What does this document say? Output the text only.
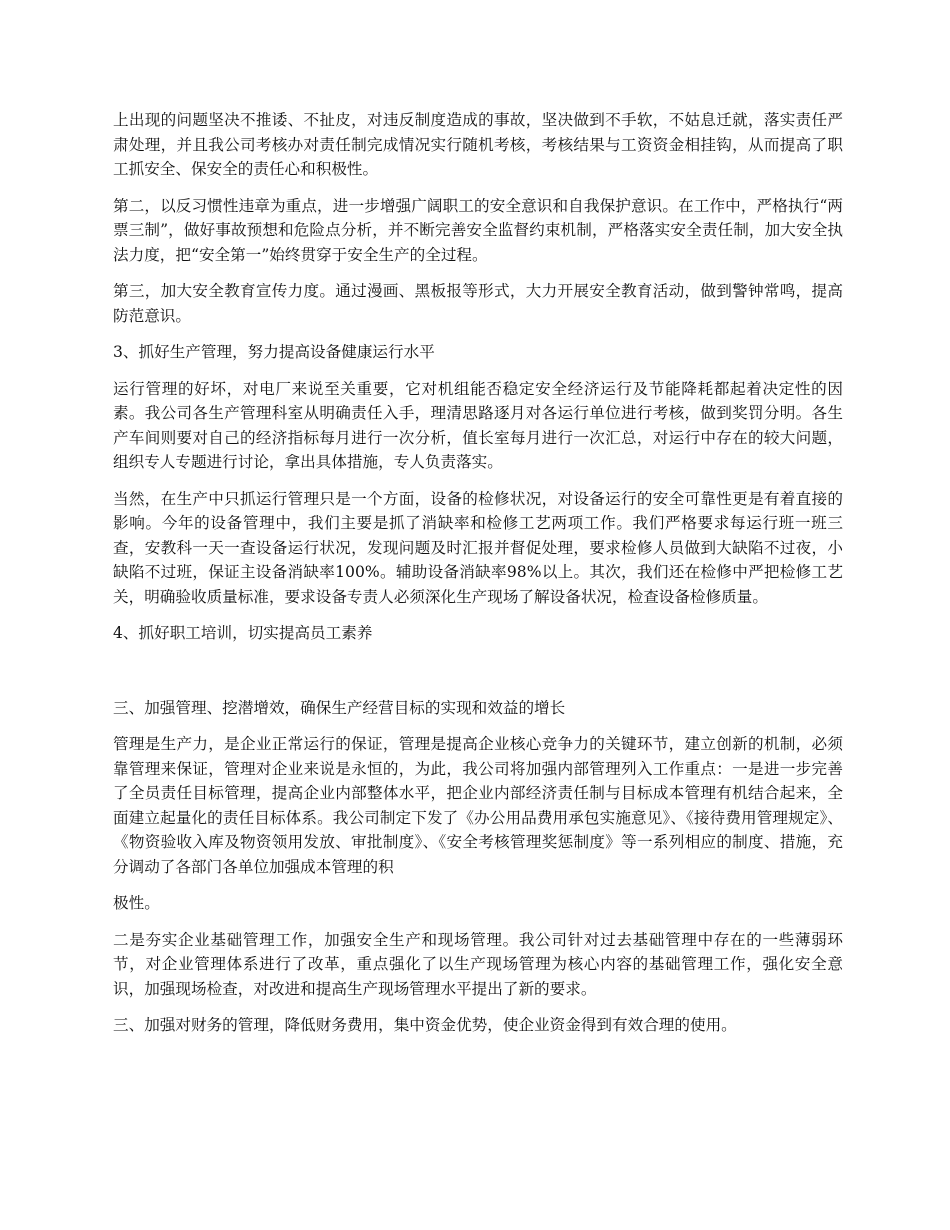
上出现的问题坚决不推诿、不扯皮，对违反制度造成的事故，坚决做到不手软，不姑息迁就，落实责任严肃处理，并且我公司考核办对责任制完成情况实行随机考核，考核结果与工资资金相挂钩，从而提高了职工抓安全、保安全的责任心和积极性。

第二，以反习惯性违章为重点，进一步增强广阔职工的安全意识和自我保护意识。在工作中，严格执行“两票三制”，做好事故预想和危险点分析，并不断完善安全监督约束机制，严格落实安全责任制，加大安全执法力度，把“安全第一”始终贯穿于安全生产的全过程。

第三，加大安全教育宣传力度。通过漫画、黑板报等形式，大力开展安全教育活动，做到警钟常鸣，提高防范意识。

3、抓好生产管理，努力提高设备健康运行水平

运行管理的好坏，对电厂来说至关重要，它对机组能否稳定安全经济运行及节能降耗都起着决定性的因素。我公司各生产管理科室从明确责任入手，理清思路逐月对各运行单位进行考核，做到奖罚分明。各生产车间则要对自己的经济指标每月进行一次分析，值长室每月进行一次汇总，对运行中存在的较大问题，组织专人专题进行讨论，拿出具体措施，专人负责落实。

当然，在生产中只抓运行管理只是一个方面，设备的检修状况，对设备运行的安全可靠性更是有着直接的影响。今年的设备管理中，我们主要是抓了消缺率和检修工艺两项工作。我们严格要求每运行班一班三查，安教科一天一查设备运行状况，发现问题及时汇报并督促处理，要求检修人员做到大缺陷不过夜，小缺陷不过班，保证主设备消缺率100%。辅助设备消缺率98%以上。其次，我们还在检修中严把检修工艺关，明确验收质量标准，要求设备专责人必须深化生产现场了解设备状况，检查设备检修质量。

4、抓好职工培训，切实提高员工素养

三、加强管理、挖潜增效，确保生产经营目标的实现和效益的增长

管理是生产力，是企业正常运行的保证，管理是提高企业核心竞争力的关键环节，建立创新的机制，必须靠管理来保证，管理对企业来说是永恒的，为此，我公司将加强内部管理列入工作重点：一是进一步完善了全员责任目标管理，提高企业内部整体水平，把企业内部经济责任制与目标成本管理有机结合起来，全面建立起量化的责任目标体系。我公司制定下发了《办公用品费用承包实施意见》、《接待费用管理规定》、《物资验收入库及物资领用发放、审批制度》、《安全考核管理奖惩制度》等一系列相应的制度、措施，充分调动了各部门各单位加强成本管理的积

极性。

二是夯实企业基础管理工作，加强安全生产和现场管理。我公司针对过去基础管理中存在的一些薄弱环节，对企业管理体系进行了改革，重点强化了以生产现场管理为核心内容的基础管理工作，强化安全意识，加强现场检查，对改进和提高生产现场管理水平提出了新的要求。

三、加强对财务的管理，降低财务费用，集中资金优势，使企业资金得到有效合理的使用。
